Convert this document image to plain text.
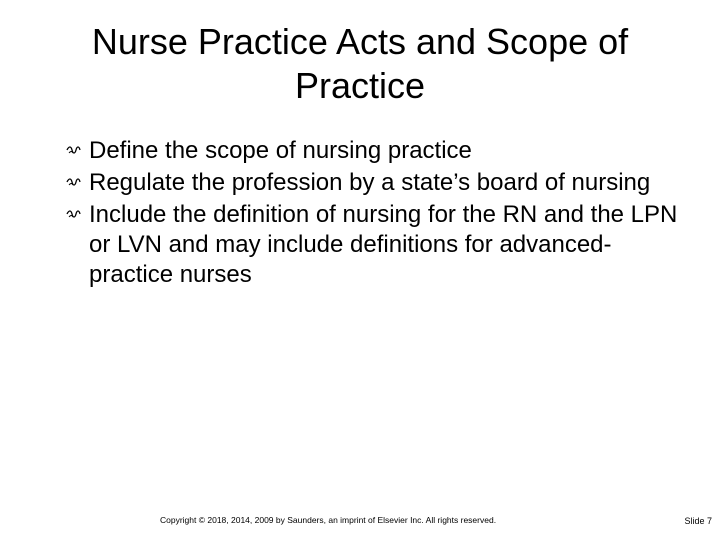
Nurse Practice Acts and Scope of Practice
Define the scope of nursing practice
Regulate the profession by a state’s board of nursing
Include the definition of nursing for the RN and the LPN or LVN and may include definitions for advanced-practice nurses
Copyright © 2018, 2014, 2009 by Saunders, an imprint of Elsevier Inc. All rights reserved.	Slide 7
